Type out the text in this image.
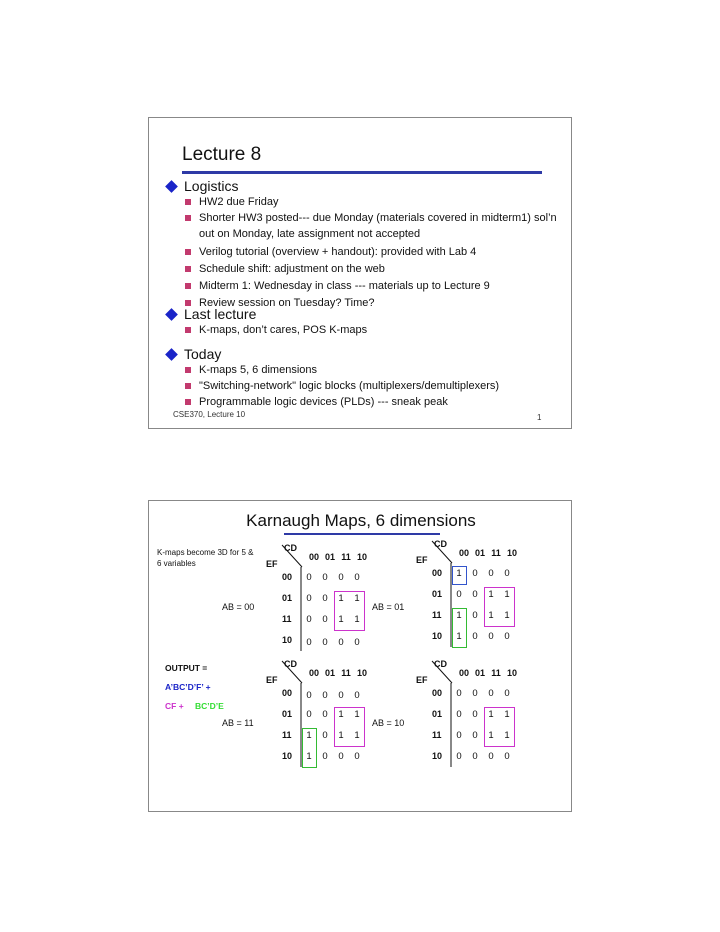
Lecture 8
Logistics
HW2 due Friday
Shorter HW3 posted--- due Monday (materials covered in midterm1) sol’n out on Monday, late assignment not accepted
Verilog tutorial (overview + handout): provided with Lab 4
Schedule shift: adjustment on the web
Midterm 1: Wednesday in class --- materials up to Lecture 9
Review session on Tuesday? Time?
Last lecture
K-maps, don’t cares, POS K-maps
Today
K-maps 5, 6 dimensions
"Switching-network" logic blocks (multiplexers/demultiplexers)
Programmable logic devices (PLDs) --- sneak peak
CSE370, Lecture 10	1
Karnaugh Maps, 6 dimensions
K-maps become 3D for 5 & 6 variables
OUTPUT =
A’BC’D’F’ +
CF + BC’D’E
CD
EF
00 01 11 10
00
01
11
10
0	0	0	0
0	0	1	1
0	0	1	1
0	0	0	0
AB = 00
CD
EF
00 01 11 10
00
01
11
10
1	0	0	0
0	0	1	1
1	0	1	1
1	0	0	0
AB = 01
CD
EF
00 01 11 10
00
01
11
10
0	0	0	0
0	0	1	1
1	0	1	1
1	0	0	0
AB = 11
CD
EF
00 01 11 10
00
01
11
10
0	0	0	0
0	0	1	1
0	0	1	1
0	0	0	0
AB = 10
